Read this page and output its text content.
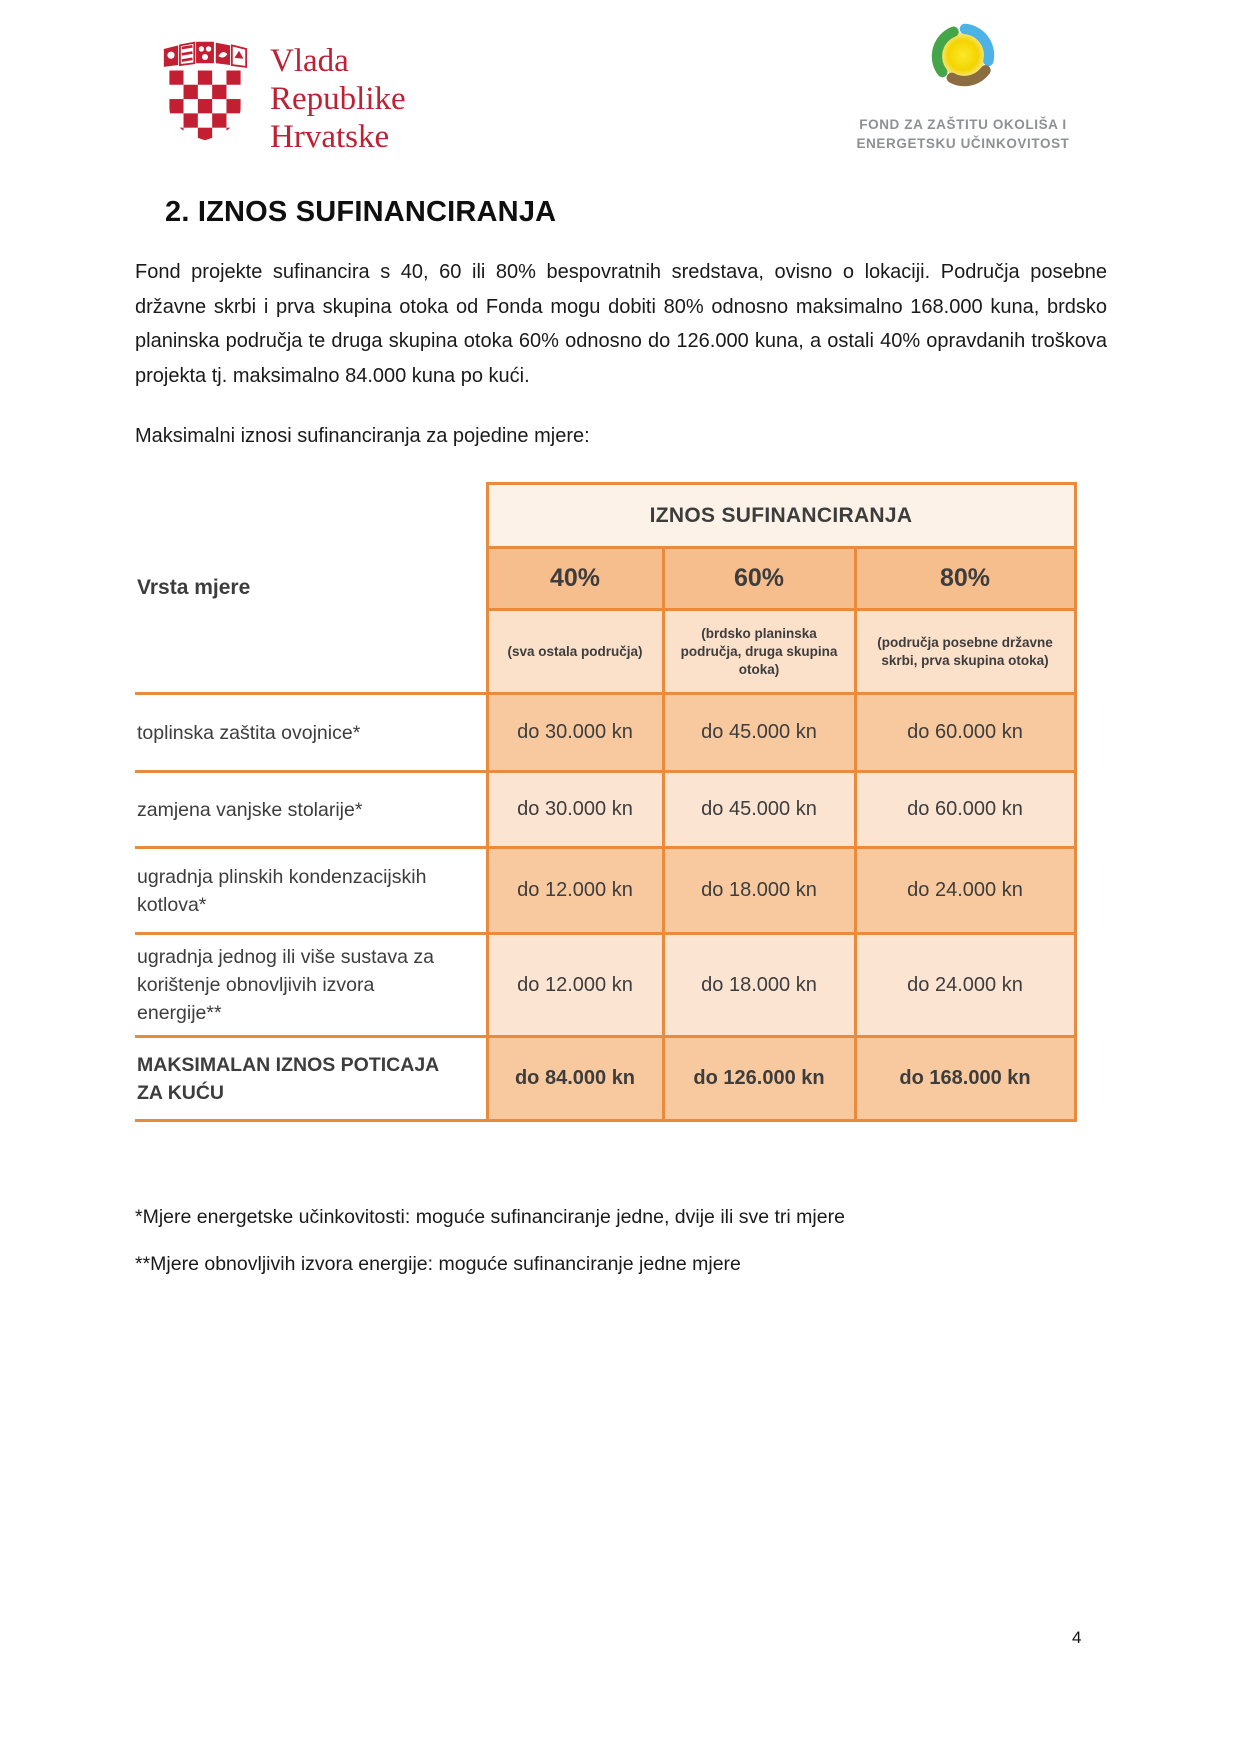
Vlada
Republike
Hrvatske	FOND ZA ZAŠTITU OKOLIŠA I
ENERGETSKU UČINKOVITOST
2. IZNOS SUFINANCIRANJA

Fond projekte sufinancira s 40, 60 ili 80% bespovratnih sredstava, ovisno o lokaciji. Područja posebne državne skrbi i prva skupina otoka od Fonda mogu dobiti 80% odnosno maksimalno 168.000 kuna, brdsko planinska područja te druga skupina otoka 60% odnosno do 126.000 kuna, a ostali 40% opravdanih troškova projekta tj. maksimalno 84.000 kuna po kući.

Maksimalni iznosi sufinanciranja za pojedine mjere:

Vrsta mjere	IZNOS SUFINANCIRANJA		
	40%	60%	80%
	(sva ostala područja)	(brdsko planinska područja, druga skupina otoka)	(područja posebne državne skrbi, prva skupina otoka)
toplinska zaštita ovojnice*	do 30.000 kn	do 45.000 kn	do 60.000 kn
zamjena vanjske stolarije*	do 30.000 kn	do 45.000 kn	do 60.000 kn
ugradnja plinskih kondenzacijskih kotlova*	do 12.000 kn	do 18.000 kn	do 24.000 kn
ugradnja jednog ili više sustava za korištenje obnovljivih izvora energije**	do 12.000 kn	do 18.000 kn	do 24.000 kn
MAKSIMALAN IZNOS POTICAJA ZA KUĆU	do 84.000 kn	do 126.000 kn	do 168.000 kn
*Mjere energetske učinkovitosti: moguće sufinanciranje jedne, dvije ili sve tri mjere
**Mjere obnovljivih izvora energije: moguće sufinanciranje jedne mjere
4
